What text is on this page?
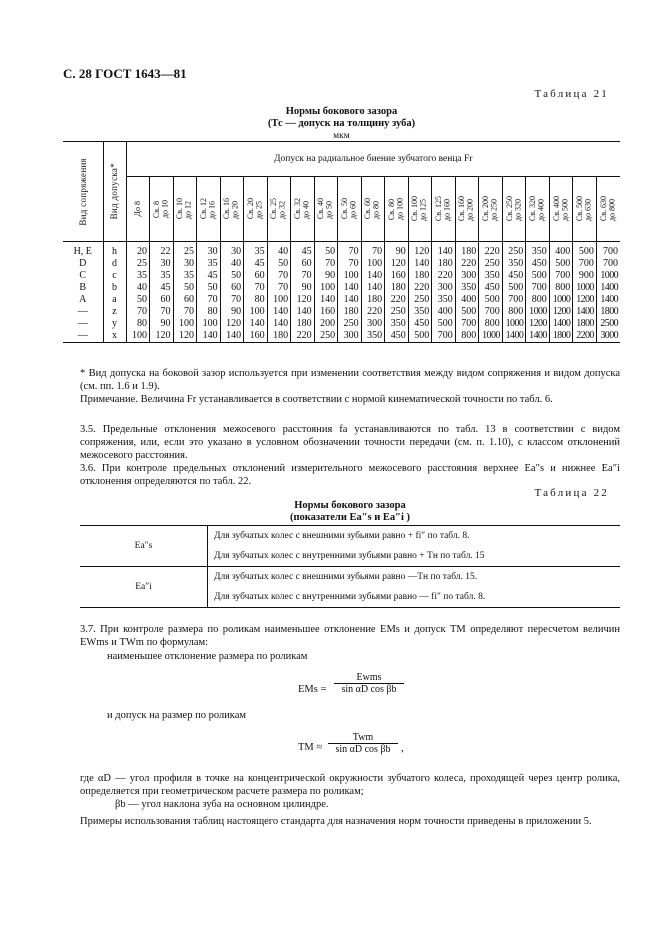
С. 28 ГОСТ 1643—81
Таблица 21
Нормы бокового зазора
(Тс — допуск на толщину зуба)
мкм
Вид сопряжения	Вид допуска*	Допуск на радиальное биение зубчатого венца Fr																				

		До 8	Св. 8
до 10	Св. 10
до 12	Св. 12
до 16	Св. 16
до 20	Св. 20
до 25	Св. 25
до 32	Св. 32
до 40	Св. 40
до 50	Св. 50
до 60	Св. 60
до 80	Св. 80
до 100	Св. 100
до 125	Св. 125
до 160	Св. 160
до 200	Св. 200
до 250	Св. 250
до 320	Св. 320
до 400	Св. 400
до 500	Св. 500
до 630	Св. 630
до 800

H, E	h	20	22	25	30	30	35	40	45	50	70	70	90	120	140	180	220	250	350	400	500	700
D	d	25	30	30	35	40	45	50	60	70	70	100	120	140	180	220	250	350	450	500	700	700
C	c	35	35	35	45	50	60	70	70	90	100	140	160	180	220	300	350	450	500	700	900	1000
B	b	40	45	50	50	60	70	70	90	100	140	140	180	220	300	350	450	500	700	800	1000	1400
A	a	50	60	60	70	70	80	100	120	140	140	180	220	250	350	400	500	700	800	1000	1200	1400
—	z	70	70	70	80	90	100	140	140	160	180	220	250	350	400	500	700	800	1000	1200	1400	1800
—	y	80	90	100	100	120	140	140	180	200	250	300	350	450	500	700	800	1000	1200	1400	1800	2500
—	x	100	120	120	140	140	160	180	220	250	300	350	450	500	700	800	1000	1400	1400	1800	2200	3000
* Вид допуска на боковой зазор используется при изменении соответствия между видом сопряжения и видом допуска (см. пп. 1.6 и 1.9).
Примечание. Величина Fr устанавливается в соответствии с нормой кинематической точности по табл. 6.
3.5. Предельные отклонения межосевого расстояния fa устанавливаются по табл. 13 в соответствии с видом сопряжения, или, если это указано в условном обозначении точности передачи (см. п. 1.10), с классом отклонений межосевого расстояния.
3.6. При контроле предельных отклонений измерительного межосевого расстояния верхнее Ea″s и нижнее Ea″i отклонения определяются по табл. 22.
Таблица 22
Нормы бокового зазора
(показатели Ea″s и Ea″i )
Ea″s	Для зубчатых колес с внешними зубьями равно + fi″ по табл. 8.
	Для зубчатых колес с внутренними зубьями равно + Tн по табл. 15
Ea″i	Для зубчатых колес с внешними зубьями равно —Tн по табл. 15.
	Для зубчатых колес с внутренними зубьями равно — fi″ по табл. 8.
3.7. При контроле размера по роликам наименьшее отклонение EMs и допуск TM определяют пересчетом величин EWms и TWm по формулам:
наименьшее отклонение размера по роликам
EMs =
Ewms
sin αD cos βb
и допуск на размер по роликам
TM ≈
Twm
sin αD cos βb ,
где αD — угол профиля в точке на концентрической окружности зубчатого колеса, проходящей через центр ролика, определяется при геометрическом расчете размера по роликам;
βb — угол наклона зуба на основном цилиндре.
Примеры использования таблиц настоящего стандарта для назначения норм точности приведены в приложении 5.
